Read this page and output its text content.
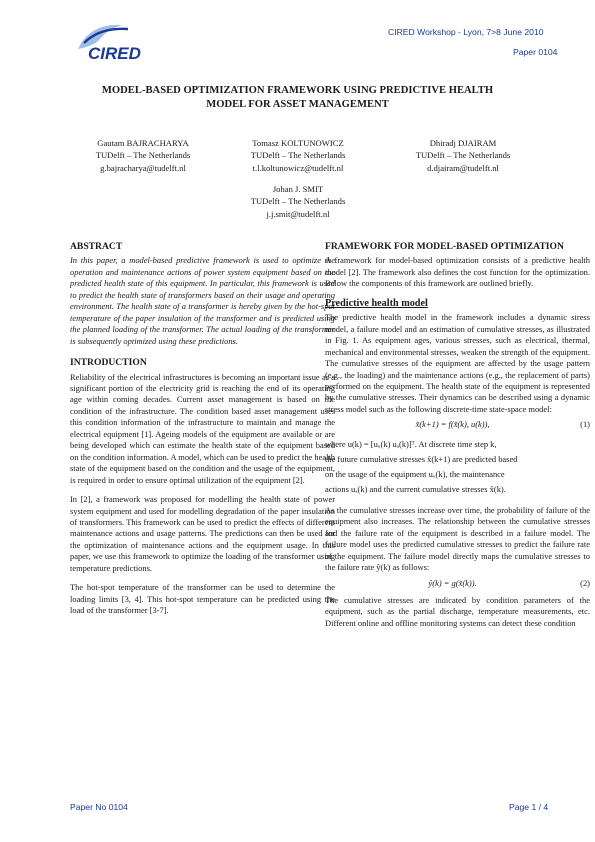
CIRED
CIRED Workshop - Lyon, 7>8 June 2010
Paper 0104
MODEL-BASED OPTIMIZATION FRAMEWORK USING PREDICTIVE HEALTH
MODEL FOR ASSET MANAGEMENT
Gautam BAJRACHARYA
TUDelft – The Netherlands
g.bajracharya@tudelft.nl
Tomasz KOLTUNOWICZ
TUDelft – The Netherlands
t.l.koltunowicz@tudelft.nl
Dhiradj DJAIRAM
TUDelft – The Netherlands
d.djairam@tudelft.nl
Johan J. SMIT
TUDelft – The Netherlands
j.j.smit@tudelft.nl
ABSTRACT

In this paper, a model-based predictive framework is used to optimize the operation and maintenance actions of power system equipment based on the predicted health state of this equipment. In particular, this framework is used to predict the health state of transformers based on their usage and operating environment. The health state of a transformer is hereby given by the hot-spot temperature of the paper insulation of the transformer and is predicted using the planned loading of the transformer. The actual loading of the transformer is subsequently optimized using these predictions.

INTRODUCTION

Reliability of the electrical infrastructures is becoming an important issue as a significant portion of the electricity grid is reaching the end of its operating age within coming decades. Current asset management is based on the condition of the infrastructure. The condition based asset management uses this condition information of the infrastructure to maintain and manage the electrical equipment [1]. Ageing models of the equipment are available or are being developed which can estimate the health state of the equipment based on the condition information. A model, which can be used to predict the health state of the equipment based on the condition and the usage of the equipment, is required in order to ensure optimal utilization of the equipment [2].

In [2], a framework was proposed for modelling the health state of power system equipment and used for modelling degradation of the paper insulation of transformers. This framework can be used to predict the effects of different maintenance actions and usage patterns. The predictions can then be used for the optimization of maintenance actions and the equipment usage. In this paper, we use this framework to optimize the loading of the transformer using temperature predictions.

The hot-spot temperature of the transformer can be used to determine the loading limits [3, 4]. This hot-spot temperature can be predicted using the load of the transformer [3-7].

FRAMEWORK FOR MODEL-BASED OPTIMIZATION

A framework for model-based optimization consists of a predictive health model [2]. The framework also defines the cost function for the optimization. Below the components of this framework are outlined briefly.

Predictive health model

The predictive health model in the framework includes a dynamic stress model, a failure model and an estimation of cumulative stresses, as illustrated in Fig. 1. As equipment ages, various stresses, such as electrical, thermal, mechanical and environmental stresses, weaken the strength of the equipment. The cumulative stresses of the equipment are affected by the usage pattern (e.g., the loading) and the maintenance actions (e.g., the replacement of parts) performed on the equipment. The health state of the equipment is represented by the cumulative stresses. Their dynamics can be described using a dynamic stress model such as the following discrete-time state-space model:

x̂(k+1) = f(x̂(k), u(k)),	(1)

where u(k) = [uᵤ(k) uₐ(k)]ᵀ. At discrete time step k,
the future cumulative stresses x̂(k+1) are predicted based
on the usage of the equipment uᵤ(k), the maintenance
actions uₐ(k) and the current cumulative stresses x̂(k).

As the cumulative stresses increase over time, the probability of failure of the equipment also increases. The relationship between the cumulative stresses and the failure rate of the equipment is described in a failure model. The failure model uses the predicted cumulative stresses to predict the failure rate of the equipment. The failure model directly maps the cumulative stresses to the failure rate ŷ(k) as follows:

ŷ(k) = g(x̂(k)).	(2)

The cumulative stresses are indicated by condition parameters of the equipment, such as the partial discharge, temperature measurements, etc. Different online and offline monitoring systems can detect these condition

Paper No 0104	Page 1 / 4
